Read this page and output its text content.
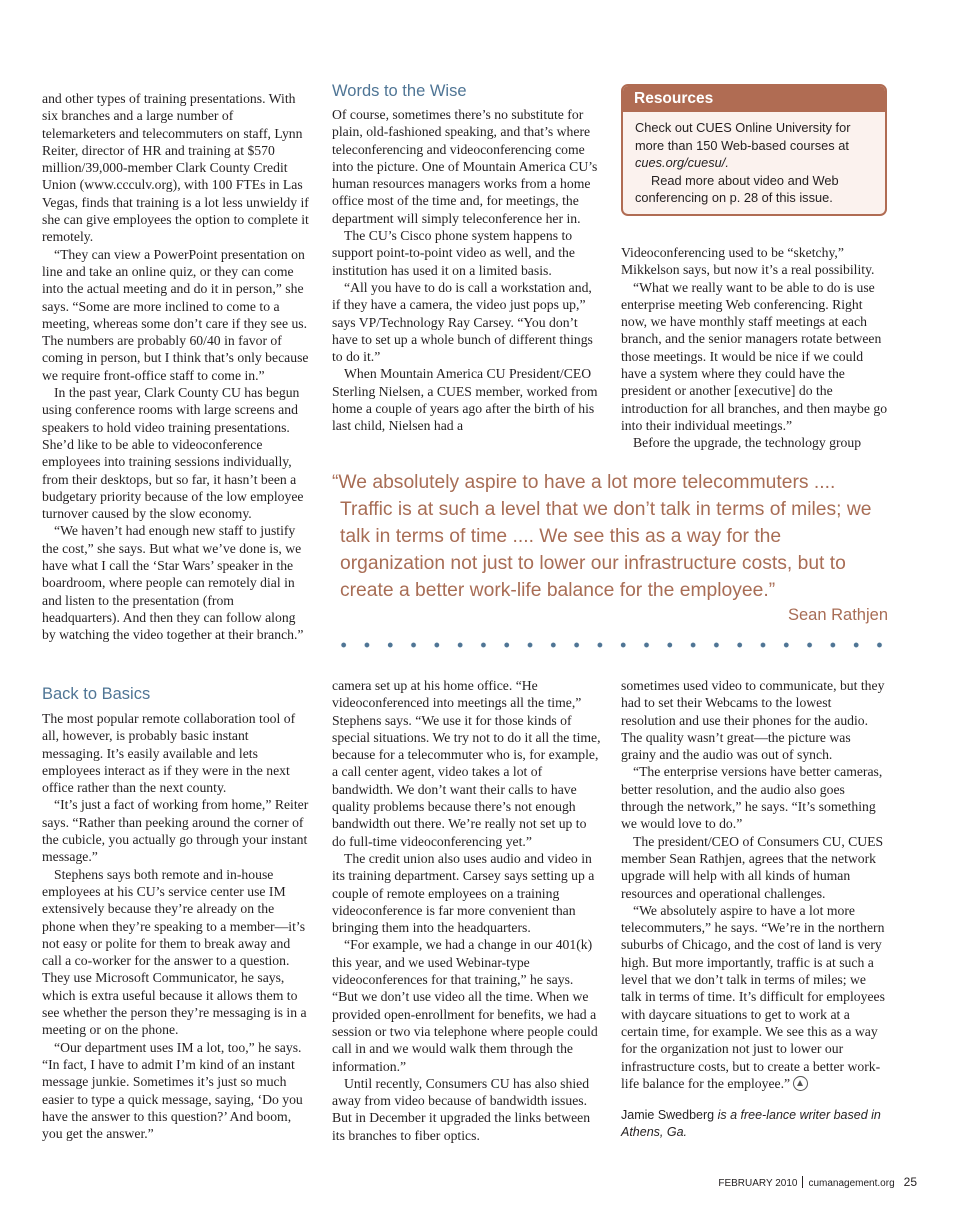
and other types of training presentations. With six branches and a large number of telemarketers and telecommuters on staff, Lynn Reiter, director of HR and training at $570 million/39,000-member Clark County Credit Union (www.ccculv.org), with 100 FTEs in Las Vegas, finds that training is a lot less unwieldy if she can give employees the option to complete it remotely.

“They can view a PowerPoint presentation on line and take an online quiz, or they can come into the actual meeting and do it in person,” she says. “Some are more inclined to come to a meeting, whereas some don’t care if they see us. The numbers are probably 60/40 in favor of coming in person, but I think that’s only because we require front-office staff to come in.”

In the past year, Clark County CU has begun using conference rooms with large screens and speakers to hold video training presentations. She’d like to be able to videoconference employees into training sessions individually, from their desktops, but so far, it hasn’t been a budgetary priority because of the low employee turnover caused by the slow economy.

“We haven’t had enough new staff to justify the cost,” she says. But what we’ve done is, we have what I call the ‘Star Wars’ speaker in the boardroom, where people can remotely dial in and listen to the presentation (from headquarters). And then they can follow along by watching the video together at their branch.”

Words to the Wise

Of course, sometimes there’s no substitute for plain, old-fashioned speaking, and that’s where teleconferencing and videoconferencing come into the picture. One of Mountain America CU’s human resources managers works from a home office most of the time and, for meetings, the department will simply teleconference her in.

The CU’s Cisco phone system happens to support point-to-point video as well, and the institution has used it on a limited basis.

“All you have to do is call a workstation and, if they have a camera, the video just pops up,” says VP/Technology Ray Carsey. “You don’t have to set up a whole bunch of different things to do it.”

When Mountain America CU President/CEO Sterling Nielsen, a CUES member, worked from home a couple of years ago after the birth of his last child, Nielsen had a

Resources

Check out CUES Online University for more than 150 Web-based courses at cues.org/cuesu/.

Read more about video and Web conferencing on p. 28 of this issue.

Videoconferencing used to be “sketchy,” Mikkelson says, but now it’s a real possibility.

“What we really want to be able to do is use enterprise meeting Web conferencing. Right now, we have monthly staff meetings at each branch, and the senior managers rotate between those meetings. It would be nice if we could have a system where they could have the president or another [executive] do the introduction for all branches, and then maybe go into their individual meetings.”

Before the upgrade, the technology group

“We absolutely aspire to have a lot more telecommuters .... Traffic is at such a level that we don’t talk in terms of miles; we talk in terms of time .... We see this as a way for the organization not just to lower our infrastructure costs, but to create a better work-life balance for the employee.”

Sean Rathjen
Back to Basics

The most popular remote collaboration tool of all, however, is probably basic instant messaging. It’s easily available and lets employees interact as if they were in the next office rather than the next county.

“It’s just a fact of working from home,” Reiter says. “Rather than peeking around the corner of the cubicle, you actually go through your instant message.”

Stephens says both remote and in-house employees at his CU’s service center use IM extensively because they’re already on the phone when they’re speaking to a member—it’s not easy or polite for them to break away and call a co-worker for the answer to a question. They use Microsoft Communicator, he says, which is extra useful because it allows them to see whether the person they’re messaging is in a meeting or on the phone.

“Our department uses IM a lot, too,” he says. “In fact, I have to admit I’m kind of an instant message junkie. Sometimes it’s just so much easier to type a quick message, saying, ‘Do you have the answer to this question?’ And boom, you get the answer.”

camera set up at his home office. “He videoconferenced into meetings all the time,” Stephens says. “We use it for those kinds of special situations. We try not to do it all the time, because for a telecommuter who is, for example, a call center agent, video takes a lot of bandwidth. We don’t want their calls to have quality problems because there’s not enough bandwidth out there. We’re really not set up to do full-time videoconferencing yet.”

The credit union also uses audio and video in its training department. Carsey says setting up a couple of remote employees on a training videoconference is far more convenient than bringing them into the headquarters.

“For example, we had a change in our 401(k) this year, and we used Webinar-type videoconferences for that training,” he says. “But we don’t use video all the time. When we provided open-enrollment for benefits, we had a session or two via telephone where people could call in and we would walk them through the information.”

Until recently, Consumers CU has also shied away from video because of bandwidth issues. But in December it upgraded the links between its branches to fiber optics.

sometimes used video to communicate, but they had to set their Webcams to the lowest resolution and use their phones for the audio. The quality wasn’t great—the picture was grainy and the audio was out of synch.

“The enterprise versions have better cameras, better resolution, and the audio also goes through the network,” he says. “It’s something we would love to do.”

The president/CEO of Consumers CU, CUES member Sean Rathjen, agrees that the network upgrade will help with all kinds of human resources and operational challenges.

“We absolutely aspire to have a lot more telecommuters,” he says. “We’re in the northern suburbs of Chicago, and the cost of land is very high. But more importantly, traffic is at such a level that we don’t talk in terms of miles; we talk in terms of time. It’s difficult for employees with daycare situations to get to work at a certain time, for example. We see this as a way for the organization not just to lower our infrastructure costs, but to create a better work-life balance for the employee.”

Jamie Swedberg is a free-lance writer based in Athens, Ga.
FEBRUARY 2010 cumanagement.org 25
